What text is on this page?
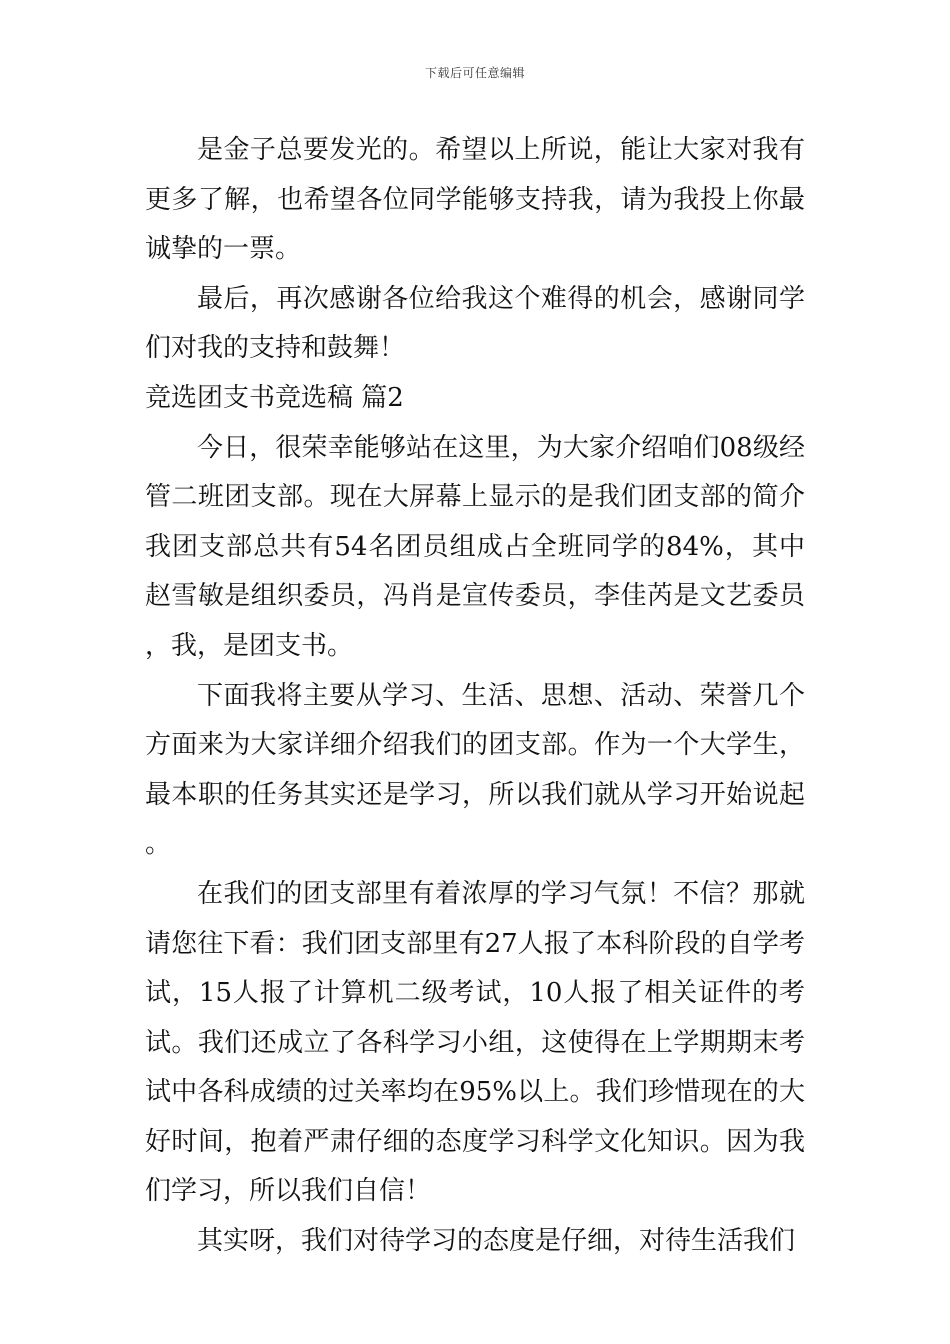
下载后可任意编辑

是金子总要发光的。希望以上所说，能让大家对我有更多了解，也希望各位同学能够支持我，请为我投上你最诚挚的一票。

最后，再次感谢各位给我这个难得的机会，感谢同学们对我的支持和鼓舞！

竞选团支书竞选稿 篇2

今日，很荣幸能够站在这里，为大家介绍咱们08级经管二班团支部。现在大屏幕上显示的是我们团支部的简介我团支部总共有54名团员组成占全班同学的84%，其中赵雪敏是组织委员，冯肖是宣传委员，李佳芮是文艺委员，我，是团支书。

下面我将主要从学习、生活、思想、活动、荣誉几个方面来为大家详细介绍我们的团支部。作为一个大学生，最本职的任务其实还是学习，所以我们就从学习开始说起。

在我们的团支部里有着浓厚的学习气氛！不信？那就请您往下看：我们团支部里有27人报了本科阶段的自学考试，15人报了计算机二级考试，10人报了相关证件的考试。我们还成立了各科学习小组，这使得在上学期期末考试中各科成绩的过关率均在95%以上。我们珍惜现在的大好时间，抱着严肃仔细的态度学习科学文化知识。因为我们学习，所以我们自信！

其实呀，我们对待学习的态度是仔细，对待生活我们
